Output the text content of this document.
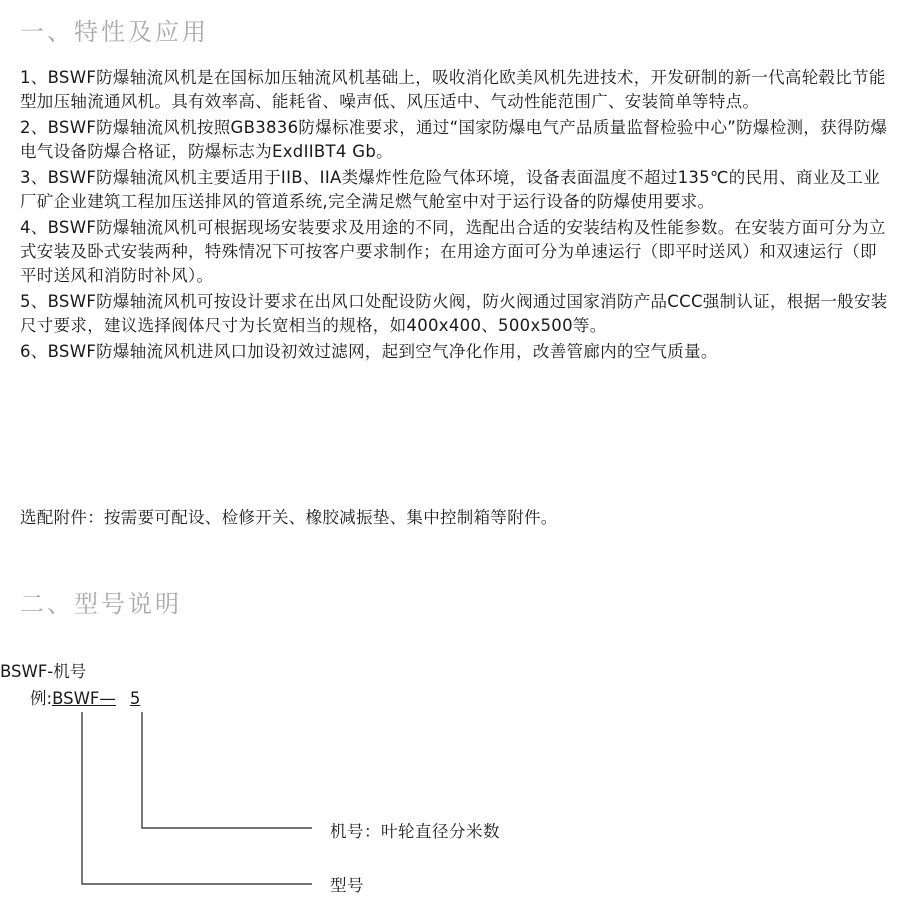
一、特性及应用

1、BSWF防爆轴流风机是在国标加压轴流风机基础上，吸收消化欧美风机先进技术，开发研制的新一代高轮毂比节能型加压轴流通风机。具有效率高、能耗省、噪声低、风压适中、气动性能范围广、安装简单等特点。

2、BSWF防爆轴流风机按照GB3836防爆标准要求，通过“国家防爆电气产品质量监督检验中心”防爆检测，获得防爆电气设备防爆合格证，防爆标志为ExdIIBT4 Gb。

3、BSWF防爆轴流风机主要适用于IIB、IIA类爆炸性危险气体环境，设备表面温度不超过135℃的民用、商业及工业厂矿企业建筑工程加压送排风的管道系统,完全满足燃气舱室中对于运行设备的防爆使用要求。

4、BSWF防爆轴流风机可根据现场安装要求及用途的不同，选配出合适的安装结构及性能参数。在安装方面可分为立式安装及卧式安装两种，特殊情况下可按客户要求制作；在用途方面可分为单速运行（即平时送风）和双速运行（即平时送风和消防时补风）。

5、BSWF防爆轴流风机可按设计要求在出风口处配设防火阀，防火阀通过国家消防产品CCC强制认证，根据一般安装尺寸要求，建议选择阀体尺寸为长宽相当的规格，如400x400、500x500等。

6、BSWF防爆轴流风机进风口加设初效过滤网，起到空气净化作用，改善管廊内的空气质量。

选配附件：按需要可配设、检修开关、橡胶减振垫、集中控制箱等附件。

二、型号说明

BSWF-机号

例:BSWF— 5

机号：叶轮直径分米数

型号
